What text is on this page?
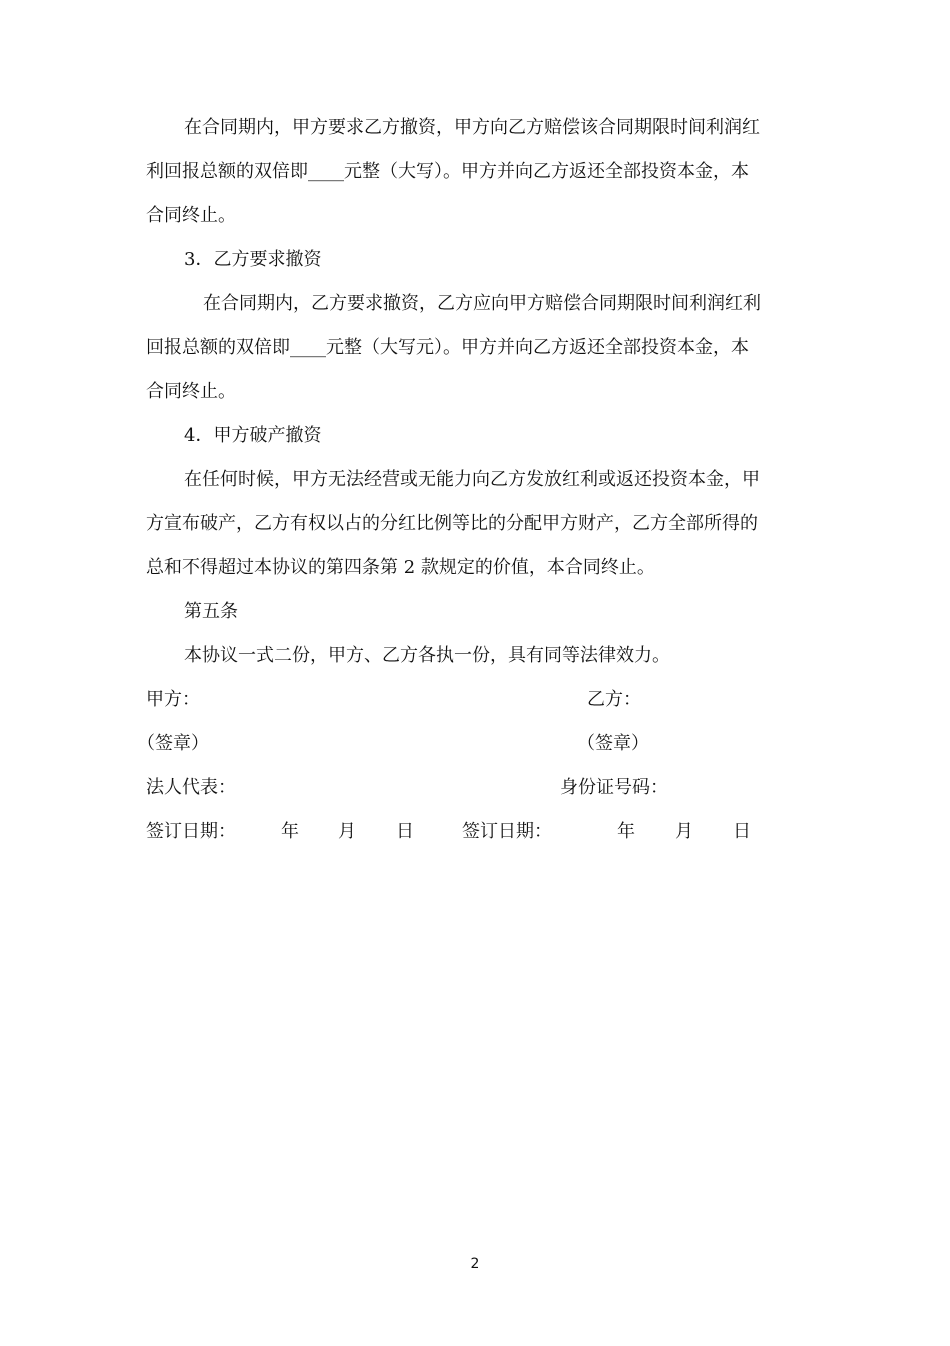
在合同期内，甲方要求乙方撤资，甲方向乙方赔偿该合同期限时间利润红
利回报总额的双倍即____元整（大写）。甲方并向乙方返还全部投资本金，本
合同终止。
3．乙方要求撤资
在合同期内，乙方要求撤资，乙方应向甲方赔偿合同期限时间利润红利
回报总额的双倍即____元整（大写元）。甲方并向乙方返还全部投资本金，本
合同终止。
4．甲方破产撤资
在任何时候，甲方无法经营或无能力向乙方发放红利或返还投资本金，甲
方宣布破产，乙方有权以占的分红比例等比的分配甲方财产，乙方全部所得的
总和不得超过本协议的第四条第 2 款规定的价值，本合同终止。
第五条
本协议一式二份，甲方、乙方各执一份，具有同等法律效力。
甲方：	乙方：
（签章）	（签章）
法人代表：	身份证号码：
签订日期：	年 月 日	签订日期：	年 月 日
2
